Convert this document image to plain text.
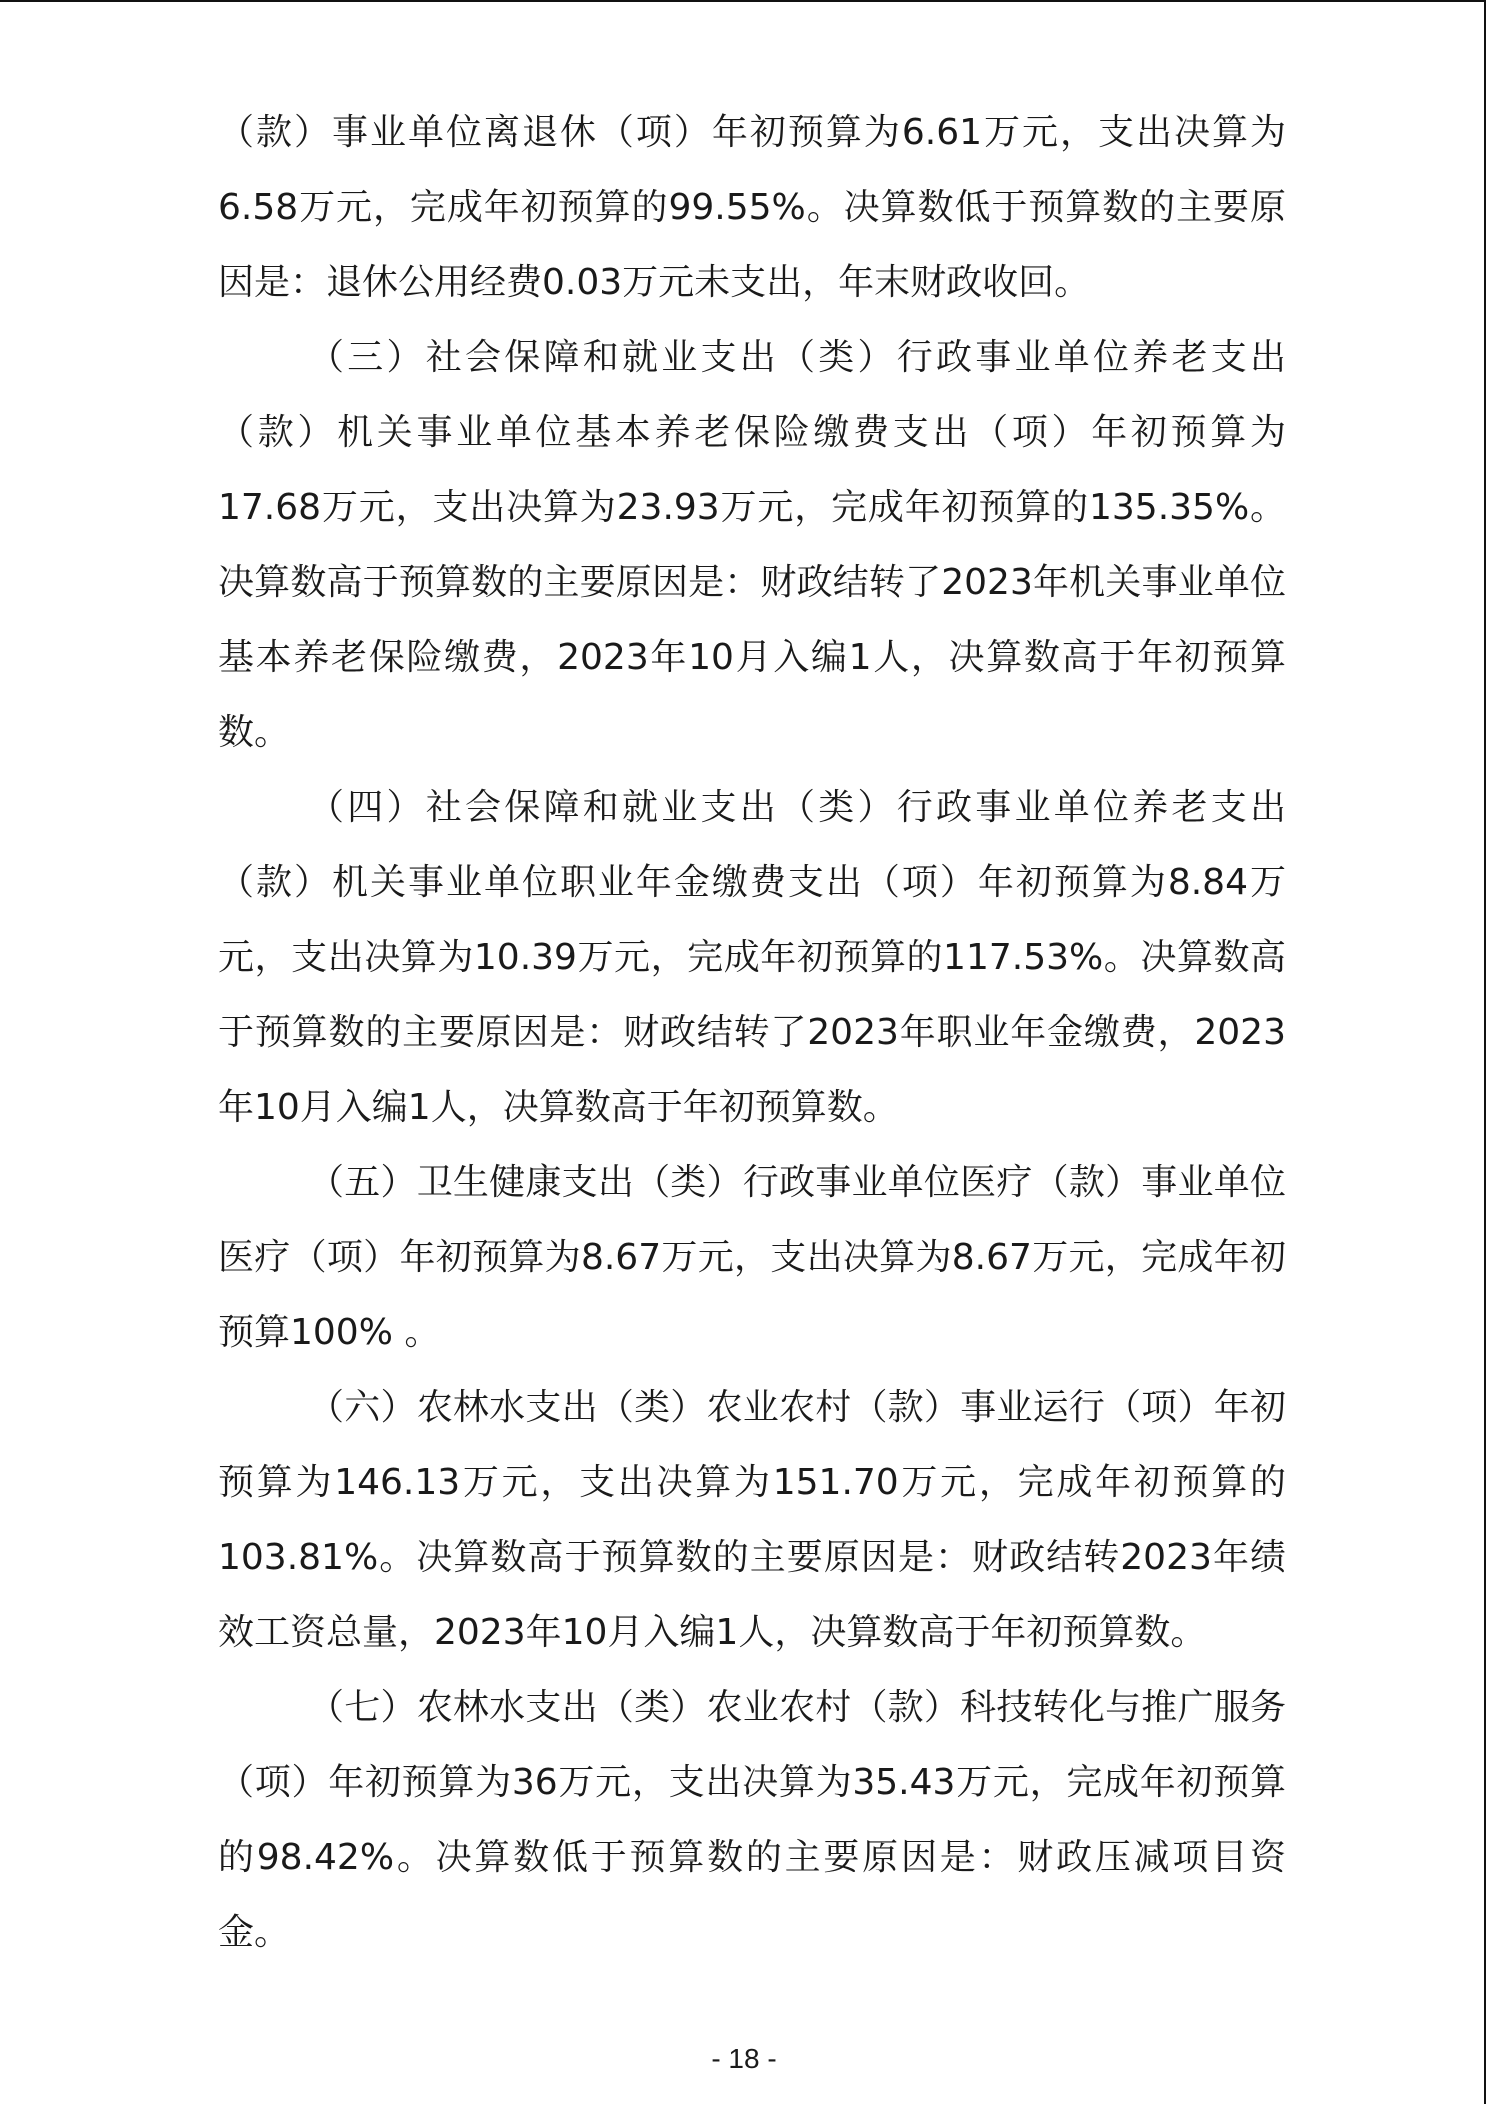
（款）事业单位离退休（项）年初预算为6.61万元，支出决算为6.58万元，完成年初预算的99.55%。决算数低于预算数的主要原因是：退休公用经费0.03万元未支出，年末财政收回。

（三）社会保障和就业支出（类）行政事业单位养老支出（款）机关事业单位基本养老保险缴费支出（项）年初预算为17.68万元，支出决算为23.93万元，完成年初预算的135.35%。决算数高于预算数的主要原因是：财政结转了2023年机关事业单位基本养老保险缴费，2023年10月入编1人，决算数高于年初预算数。

（四）社会保障和就业支出（类）行政事业单位养老支出（款）机关事业单位职业年金缴费支出（项）年初预算为8.84万元，支出决算为10.39万元，完成年初预算的117.53%。决算数高于预算数的主要原因是：财政结转了2023年职业年金缴费，2023年10月入编1人，决算数高于年初预算数。

（五）卫生健康支出（类）行政事业单位医疗（款）事业单位医疗（项）年初预算为8.67万元，支出决算为8.67万元，完成年初预算100% 。

（六）农林水支出（类）农业农村（款）事业运行（项）年初预算为146.13万元，支出决算为151.70万元，完成年初预算的103.81%。决算数高于预算数的主要原因是：财政结转2023年绩效工资总量，2023年10月入编1人，决算数高于年初预算数。

（七）农林水支出（类）农业农村（款）科技转化与推广服务（项）年初预算为36万元，支出决算为35.43万元，完成年初预算的98.42%。决算数低于预算数的主要原因是：财政压减项目资金。

- 18 -
